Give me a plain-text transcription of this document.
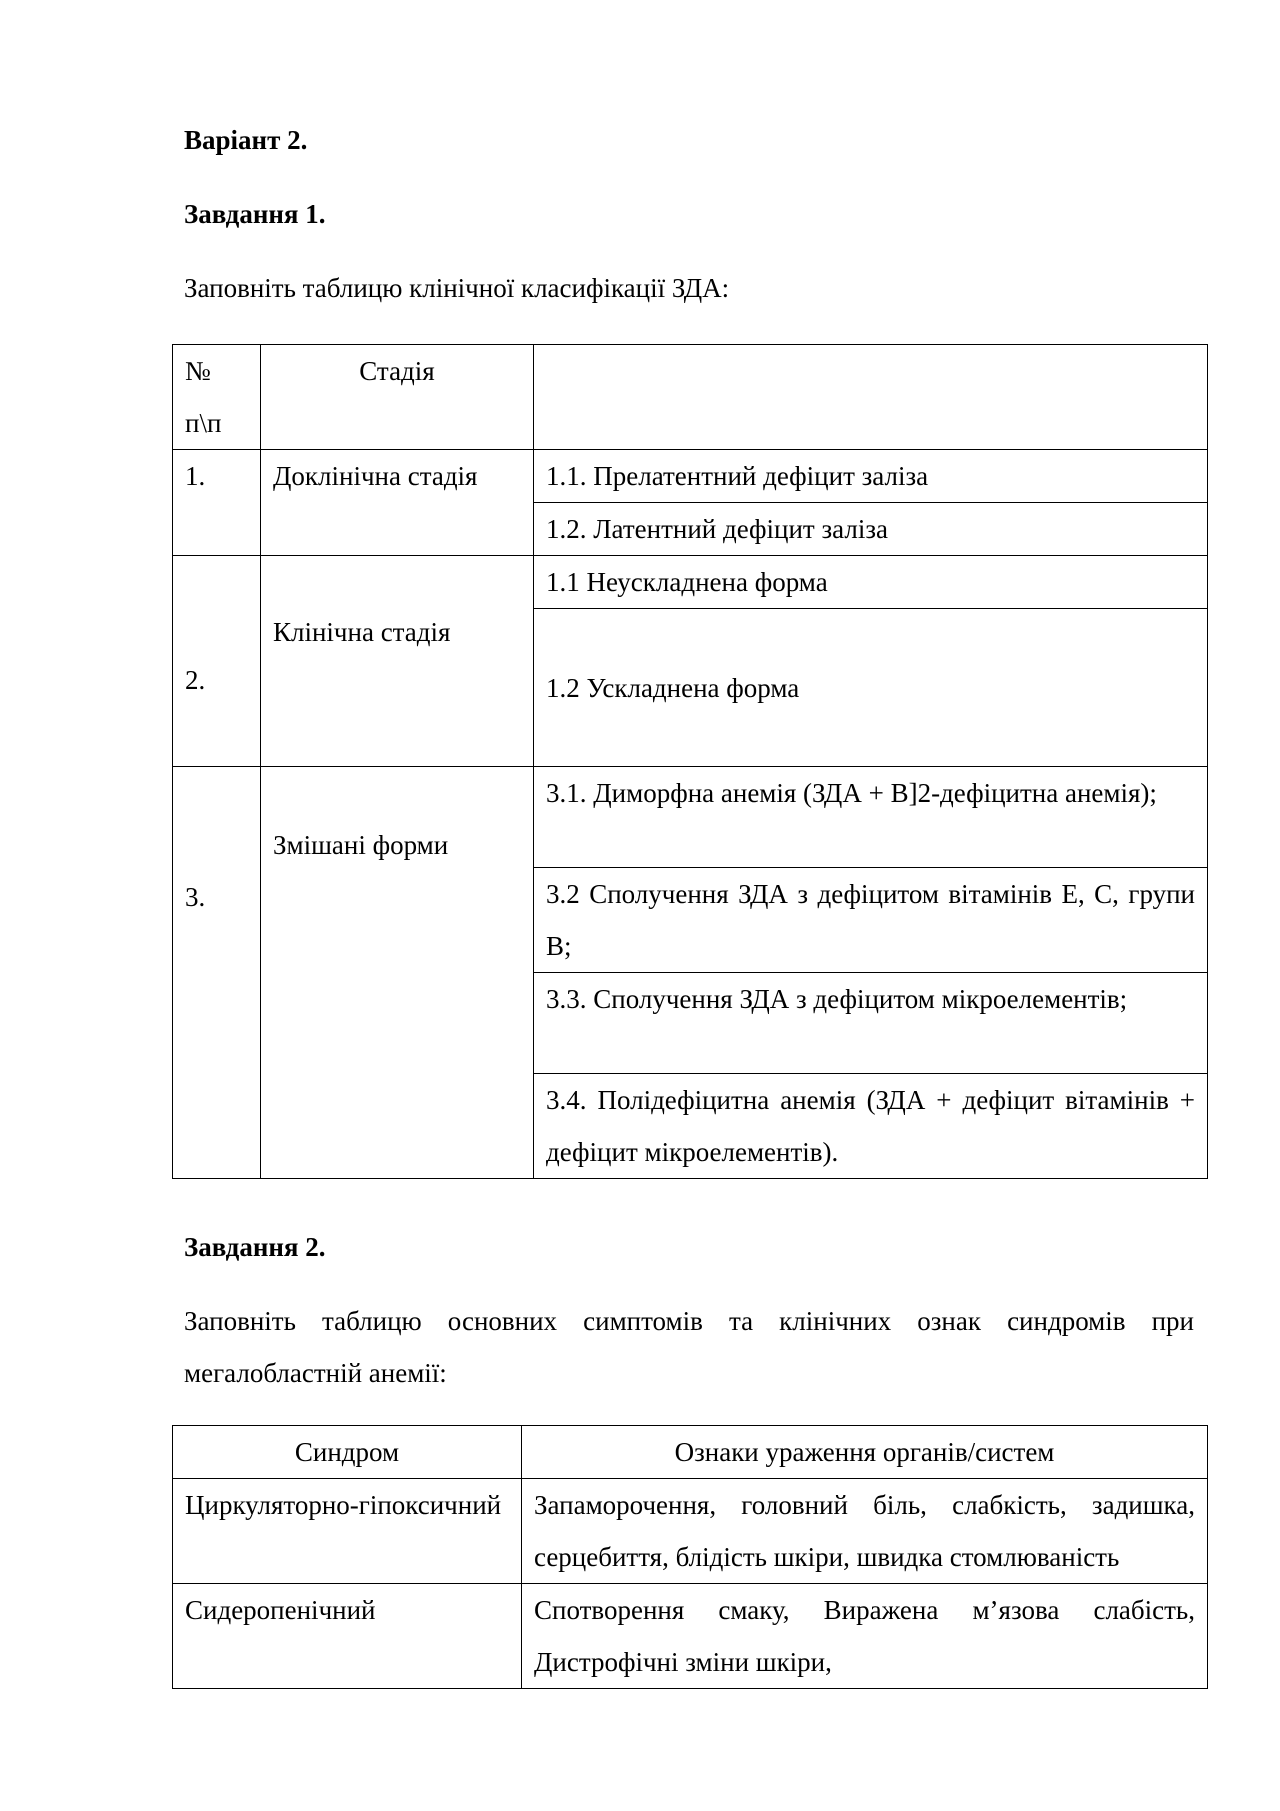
Варіант 2.

Завдання 1.

Заповніть таблицю клінічної класифікації ЗДА:

№ п\п	Стадія	
1.	Доклінічна стадія	1.1. Прелатентний дефіцит заліза
		1.2. Латентний дефіцит заліза
2.	Клінічна стадія	1.1 Неускладнена форма
		1.2 Ускладнена форма
3.	Змішані форми	3.1. Диморфна анемія (ЗДА + В]2-дефіцитна анемія);
		3.2 Сполучення ЗДА з дефіцитом вітамінів Е, С, групи В;
		3.3. Сполучення ЗДА з дефіцитом мікроелементів;
		3.4. Полідефіцитна анемія (ЗДА + дефіцит вітамінів + дефіцит мікроелементів).

Завдання 2.

Заповніть таблицю основних симптомів та клінічних ознак синдромів при мегалобластній анемії:

Синдром	Ознаки ураження органів/систем
Циркуляторно-гіпоксичний	Запаморочення, головний біль, слабкість, задишка, серцебиття, блідість шкіри, швидка стомлюваність
Сидеропенічний	Спотворення смаку, Виражена м’язова слабість, Дистрофічні зміни шкіри,
